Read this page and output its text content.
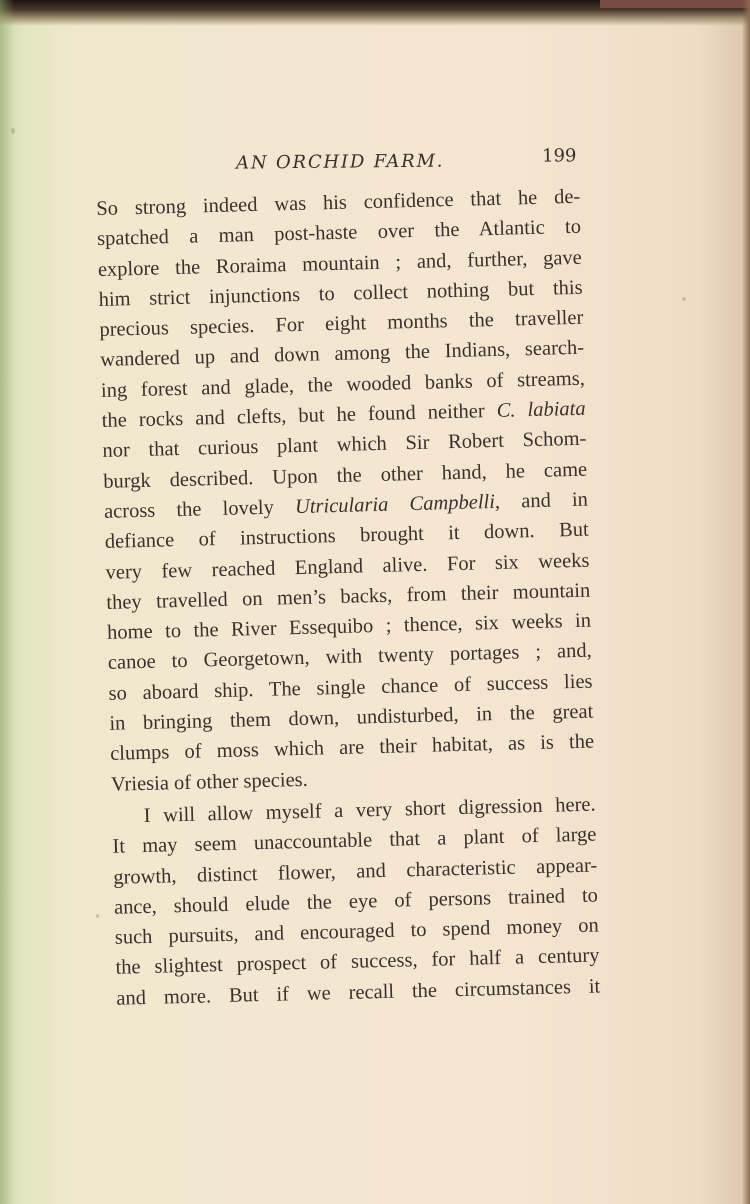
AN ORCHID FARM.	199
So strong indeed was his confidence that he de-
spatched a man post-haste over the Atlantic to
explore the Roraima mountain ; and, further, gave
him strict injunctions to collect nothing but this
precious species. For eight months the traveller
wandered up and down among the Indians, search-
ing forest and glade, the wooded banks of streams,
the rocks and clefts, but he found neither C. labiata
nor that curious plant which Sir Robert Schom-
burgk described. Upon the other hand, he came
across the lovely Utricularia Campbelli, and in
defiance of instructions brought it down. But
very few reached England alive. For six weeks
they travelled on men’s backs, from their mountain
home to the River Essequibo ; thence, six weeks in
canoe to Georgetown, with twenty portages ; and,
so aboard ship. The single chance of success lies
in bringing them down, undisturbed, in the great
clumps of moss which are their habitat, as is the
Vriesia of other species.
I will allow myself a very short digression here.
It may seem unaccountable that a plant of large
growth, distinct flower, and characteristic appear-
ance, should elude the eye of persons trained to
such pursuits, and encouraged to spend money on
the slightest prospect of success, for half a century
and more. But if we recall the circumstances it
